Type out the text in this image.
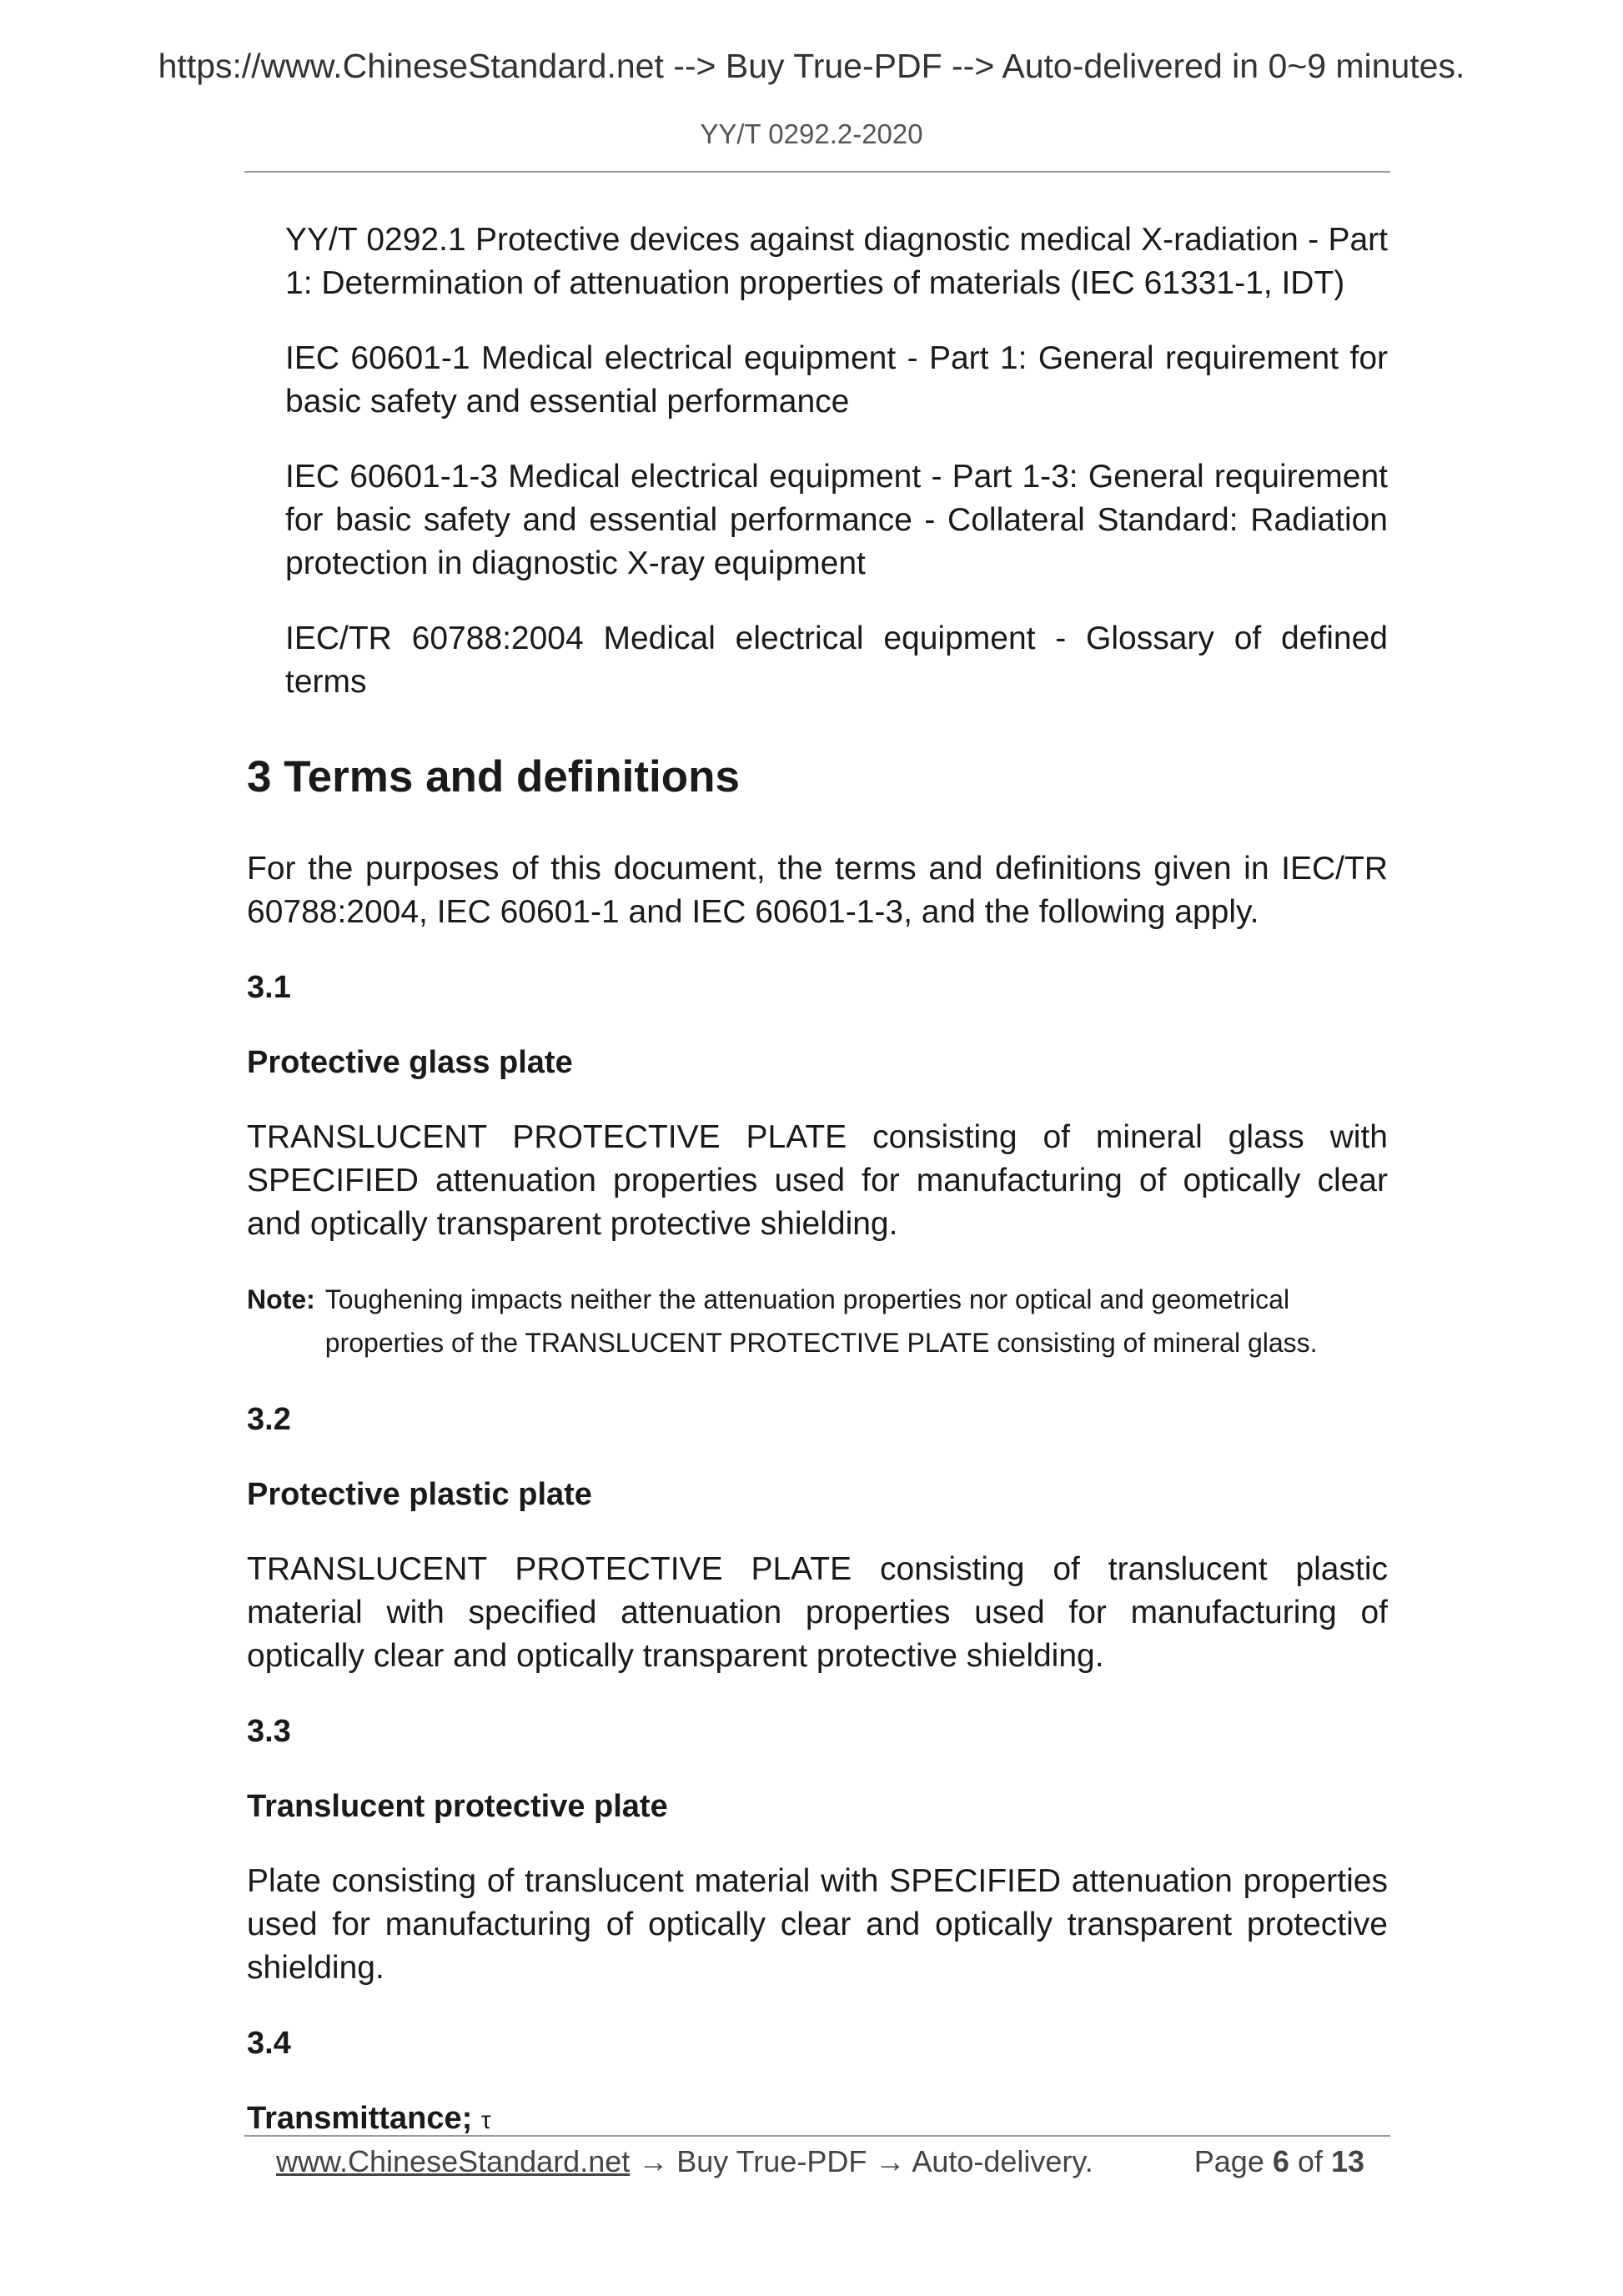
https://www.ChineseStandard.net --> Buy True-PDF --> Auto-delivered in 0~9 minutes.
YY/T 0292.2-2020

YY/T 0292.1 Protective devices against diagnostic medical X-radiation - Part 1: Determination of attenuation properties of materials (IEC 61331-1, IDT)

IEC 60601-1 Medical electrical equipment - Part 1: General requirement for basic safety and essential performance

IEC 60601-1-3 Medical electrical equipment - Part 1-3: General requirement for basic safety and essential performance - Collateral Standard: Radiation protection in diagnostic X-ray equipment

IEC/TR 60788:2004 Medical electrical equipment - Glossary of defined terms

3 Terms and definitions

For the purposes of this document, the terms and definitions given in IEC/TR 60788:2004, IEC 60601-1 and IEC 60601-1-3, and the following apply.

3.1

Protective glass plate

TRANSLUCENT PROTECTIVE PLATE consisting of mineral glass with SPECIFIED attenuation properties used for manufacturing of optically clear and optically transparent protective shielding.

Note: Toughening impacts neither the attenuation properties nor optical and geometrical
properties of the TRANSLUCENT PROTECTIVE PLATE consisting of mineral glass.

3.2

Protective plastic plate

TRANSLUCENT PROTECTIVE PLATE consisting of translucent plastic material with specified attenuation properties used for manufacturing of optically clear and optically transparent protective shielding.

3.3

Translucent protective plate

Plate consisting of translucent material with SPECIFIED attenuation properties used for manufacturing of optically clear and optically transparent protective shielding.

3.4

Transmittance; τ

www.ChineseStandard.net → Buy True-PDF → Auto-delivery.	Page 6 of 13
